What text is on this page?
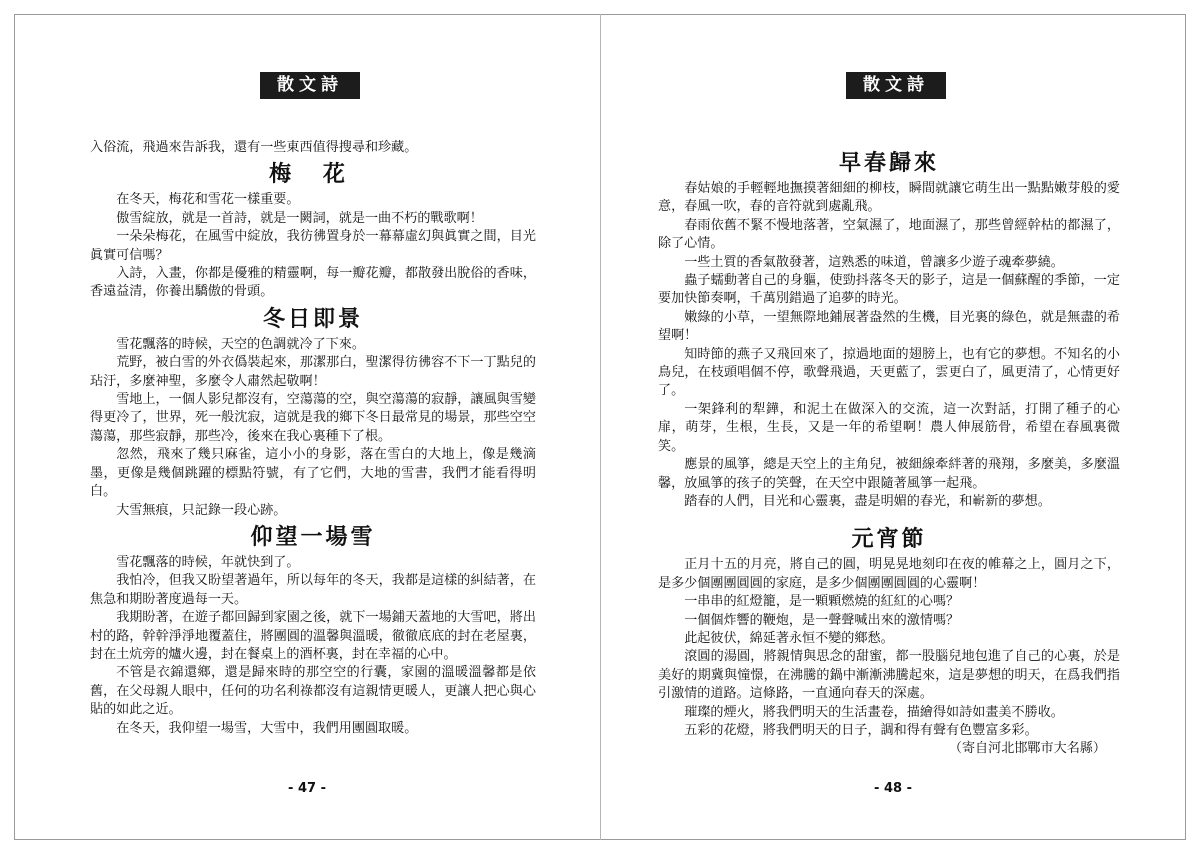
散文詩

入俗流，飛過來告訴我，還有一些東西值得搜尋和珍藏。

梅 花

在冬天，梅花和雪花一樣重要。

傲雪綻放，就是一首詩，就是一闕詞，就是一曲不朽的戰歌啊！

一朵朵梅花，在風雪中綻放，我彷彿置身於一幕幕虛幻與眞實之間，目光眞實可信嗎？

入詩，入畫，你都是優雅的精靈啊，每一瓣花瓣，都散發出脫俗的香味，香遠益清，你養出驕傲的骨頭。

冬日即景

雪花飄落的時候，天空的色調就冷了下來。

荒野，被白雪的外衣僞裝起來，那潔那白，聖潔得彷彿容不下一丁點兒的玷汙，多麼神聖，多麼令人肅然起敬啊！

雪地上，一個人影兒都沒有，空蕩蕩的空，與空蕩蕩的寂靜，讓風與雪變得更冷了，世界，死一般沈寂，這就是我的鄉下冬日最常見的場景，那些空空蕩蕩，那些寂靜，那些冷，後來在我心裏種下了根。

忽然，飛來了幾只麻雀，這小小的身影，落在雪白的大地上，像是幾滴墨，更像是幾個跳躍的標點符號，有了它們，大地的雪書，我們才能看得明白。

大雪無痕，只記錄一段心跡。

仰望一場雪

雪花飄落的時候，年就快到了。

我怕冷，但我又盼望著過年，所以每年的冬天，我都是這樣的糾結著，在焦急和期盼著度過每一天。

我期盼著，在遊子都回歸到家園之後，就下一場鋪天蓋地的大雪吧，將出村的路，幹幹淨淨地覆蓋住，將團圓的溫馨與溫暖，徹徹底底的封在老屋裏，封在土炕旁的爐火邊，封在餐桌上的酒杯裏，封在幸福的心中。

不管是衣錦還鄉，還是歸來時的那空空的行囊，家園的溫暖溫馨都是依舊，在父母親人眼中，任何的功名利祿都沒有這親情更暖人，更讓人把心與心貼的如此之近。

在冬天，我仰望一場雪，大雪中，我們用團圓取暖。

- 47 -
散文詩
早春歸來

春姑娘的手輕輕地撫摸著細細的柳枝，瞬間就讓它萌生出一點點嫩芽般的愛意，春風一吹，春的音符就到處亂飛。

春雨依舊不緊不慢地落著，空氣濕了，地面濕了，那些曾經幹枯的都濕了，除了心情。

一些土質的香氣散發著，這熟悉的味道，曾讓多少遊子魂牽夢繞。

蟲子蠕動著自己的身軀，使勁抖落冬天的影子，這是一個蘇醒的季節，一定要加快節奏啊，千萬別錯過了追夢的時光。

嫩綠的小草，一望無際地鋪展著盎然的生機，目光裏的綠色，就是無盡的希望啊！

知時節的燕子又飛回來了，掠過地面的翅膀上，也有它的夢想。不知名的小鳥兒，在枝頭唱個不停，歌聲飛過，天更藍了，雲更白了，風更清了，心情更好了。

一架鋒利的犁鏵，和泥土在做深入的交流，這一次對話，打開了種子的心扉，萌芽，生根，生長，又是一年的希望啊！農人伸展筋骨，希望在春風裏微笑。

應景的風箏，總是天空上的主角兒，被細線牽絆著的飛翔，多麼美，多麼溫馨，放風箏的孩子的笑聲，在天空中跟隨著風箏一起飛。

踏春的人們，目光和心靈裏，盡是明媚的春光，和嶄新的夢想。

元宵節

正月十五的月亮，將自己的圓，明晃晃地刻印在夜的帷幕之上，圓月之下，是多少個團團圓圓的家庭，是多少個團團圓圓的心靈啊！

一串串的紅燈籠，是一顆顆燃燒的紅紅的心嗎？

一個個炸響的鞭炮，是一聲聲喊出來的激情嗎？

此起彼伏，綿延著永恒不變的鄉愁。

滾圓的湯圓，將親情與思念的甜蜜，都一股腦兒地包進了自己的心裏，於是美好的期冀與憧憬，在沸騰的鍋中漸漸沸騰起來，這是夢想的明天，在爲我們指引激情的道路。這條路，一直通向春天的深處。

璀璨的煙火，將我們明天的生活畫卷，描繪得如詩如畫美不勝收。

五彩的花燈，將我們明天的日子，調和得有聲有色豐富多彩。

（寄自河北邯鄲市大名縣）

- 48 -
